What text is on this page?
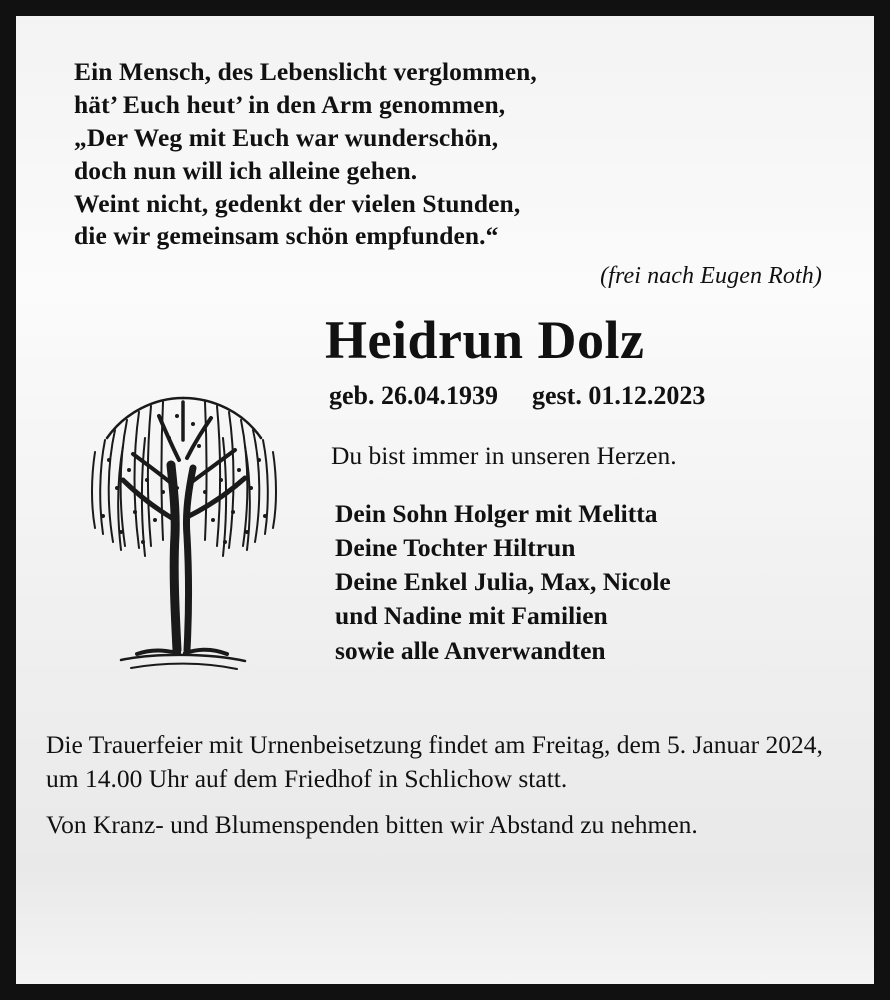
Ein Mensch, des Lebenslicht verglommen,
hät’ Euch heut’ in den Arm genommen,
„Der Weg mit Euch war wunderschön,
doch nun will ich alleine gehen.
Weint nicht, gedenkt der vielen Stunden,
die wir gemeinsam schön empfunden.“
(frei nach Eugen Roth)
Heidrun Dolz
geb. 26.04.1939 gest. 01.12.2023
Du bist immer in unseren Herzen.
Dein Sohn Holger mit Melitta
Deine Tochter Hiltrun
Deine Enkel Julia, Max, Nicole
und Nadine mit Familien
sowie alle Anverwandten

Die Trauerfeier mit Urnenbeisetzung findet am Freitag, dem 5. Januar 2024, um 14.00 Uhr auf dem Friedhof in Schlichow statt.

Von Kranz- und Blumenspenden bitten wir Abstand zu nehmen.
